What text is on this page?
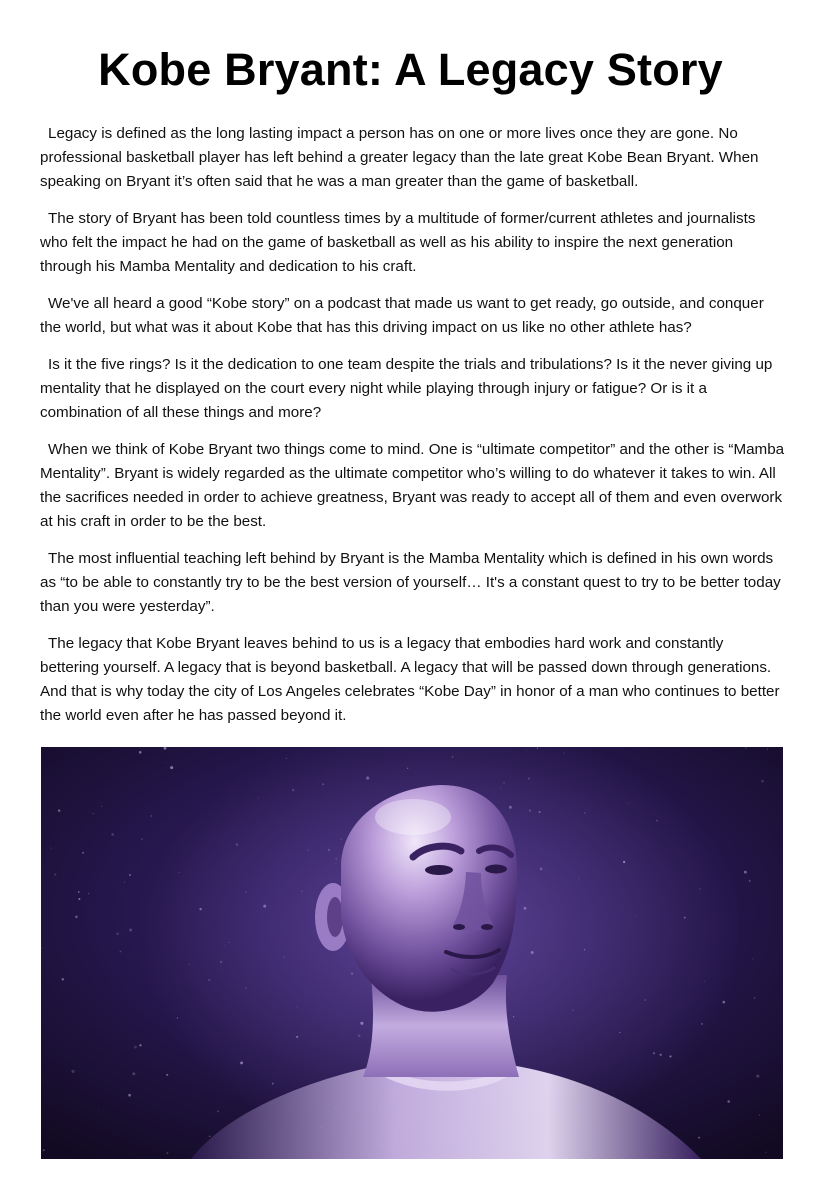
Kobe Bryant: A Legacy Story

Legacy is defined as the long lasting impact a person has on one or more lives once they are gone. No professional basketball player has left behind a greater legacy than the late great Kobe Bean Bryant. When speaking on Bryant it’s often said that he was a man greater than the game of basketball.

The story of Bryant has been told countless times by a multitude of former/current athletes and journalists who felt the impact he had on the game of basketball as well as his ability to inspire the next generation through his Mamba Mentality and dedication to his craft.

We've all heard a good “Kobe story” on a podcast that made us want to get ready, go outside, and conquer the world, but what was it about Kobe that has this driving impact on us like no other athlete has?

Is it the five rings? Is it the dedication to one team despite the trials and tribulations? Is it the never giving up mentality that he displayed on the court every night while playing through injury or fatigue? Or is it a combination of all these things and more?

When we think of Kobe Bryant two things come to mind. One is “ultimate competitor” and the other is “Mamba Mentality”. Bryant is widely regarded as the ultimate competitor who’s willing to do whatever it takes to win. All the sacrifices needed in order to achieve greatness, Bryant was ready to accept all of them and even overwork at his craft in order to be the best.

The most influential teaching left behind by Bryant is the Mamba Mentality which is defined in his own words as “to be able to constantly try to be the best version of yourself… It's a constant quest to try to be better today than you were yesterday”.

The legacy that Kobe Bryant leaves behind to us is a legacy that embodies hard work and constantly bettering yourself. A legacy that is beyond basketball. A legacy that will be passed down through generations. And that is why today the city of Los Angeles celebrates “Kobe Day” in honor of a man who continues to better the world even after he has passed beyond it.
